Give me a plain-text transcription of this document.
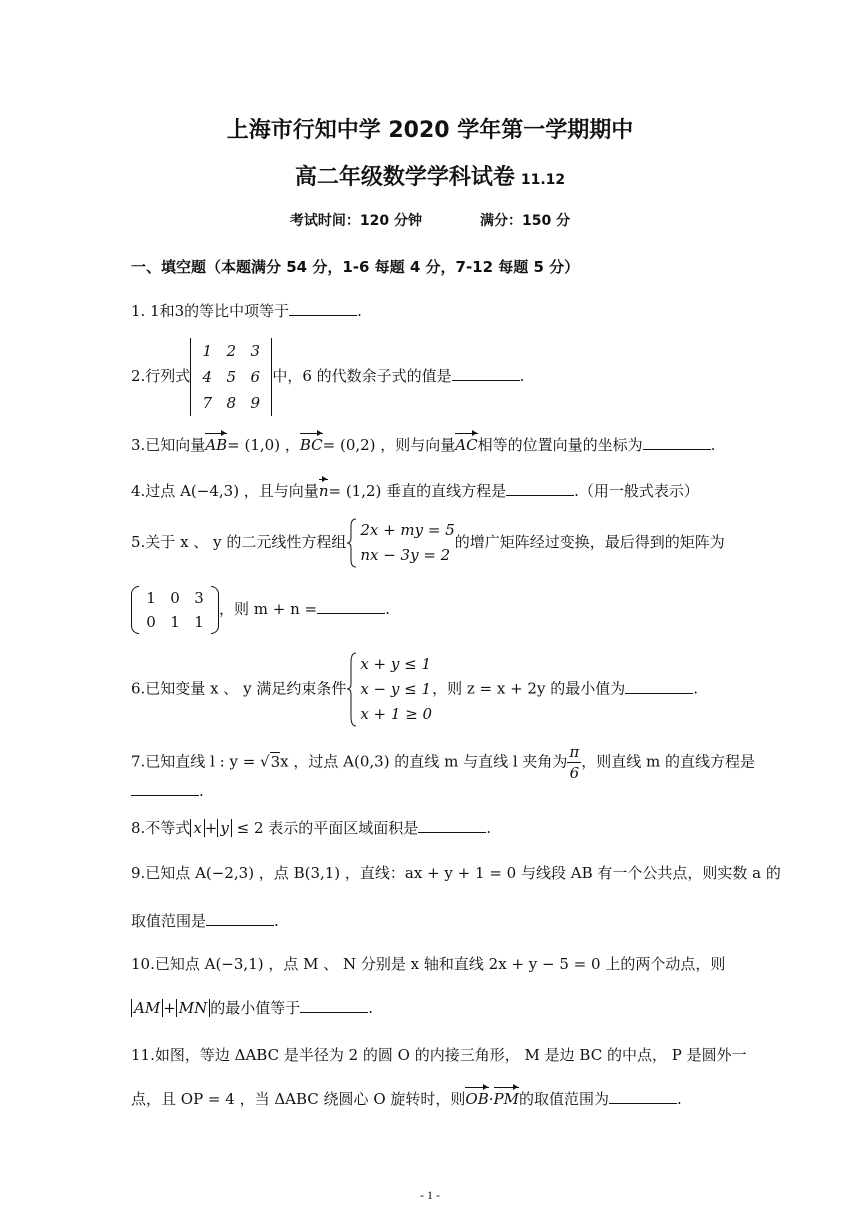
上海市行知中学 2020 学年第一学期期中
高二年级数学学科试卷 11.12
考试时间：120 分钟	满分：150 分
一、填空题（本题满分 54 分，1-6 每题 4 分，7-12 每题 5 分）
1. 1和3的等比中项等于	.
2.行列式1 2 3
4 5 6
7 8 9中，6 的代数余子式的值是	.
3.已知向量AB= (1,0) ，BC= (0,2) ，则与向量AC相等的位置向量的坐标为	.
4.过点 A(−4,3) ，且与向量n= (1,2) 垂直的直线方程是	.（用一般式表示）
5.关于 x 、 y 的二元线性方程组
2x + my = 5
nx − 3y = 2的增广矩阵经过变换，最后得到的矩阵为
1 0 3
0 1 1，则 m + n =	.
6.已知变量 x 、 y 满足约束条件
x + y ≤ 1
x − y ≤ 1
x + 1 ≥ 0，则 z = x + 2y 的最小值为	.
7.已知直线 l : y = √3x ，过点 A(0,3) 的直线 m 与直线 l 夹角为 $\frac{\pi}{6}$ ，则直线 m 的直线方程是
.
8.不等式 x + y ≤ 2 表示的平面区域面积是	.
9.已知点 A(−2,3) ，点 B(3,1) ，直线：ax + y + 1 = 0 与线段 AB 有一个公共点，则实数 a 的
取值范围是	.
10.已知点 A(−3,1) ，点 M 、 N 分别是 x 轴和直线 2x + y − 5 = 0 上的两个动点，则
AM + MN 的最小值等于	.
11.如图，等边 ΔABC 是半径为 2 的圆 O 的内接三角形， M 是边 BC 的中点， P 是圆外一
点，且 OP = 4 ，当 ΔABC 绕圆心 O 旋转时，则OB·PM的取值范围为	.
- 1 -
